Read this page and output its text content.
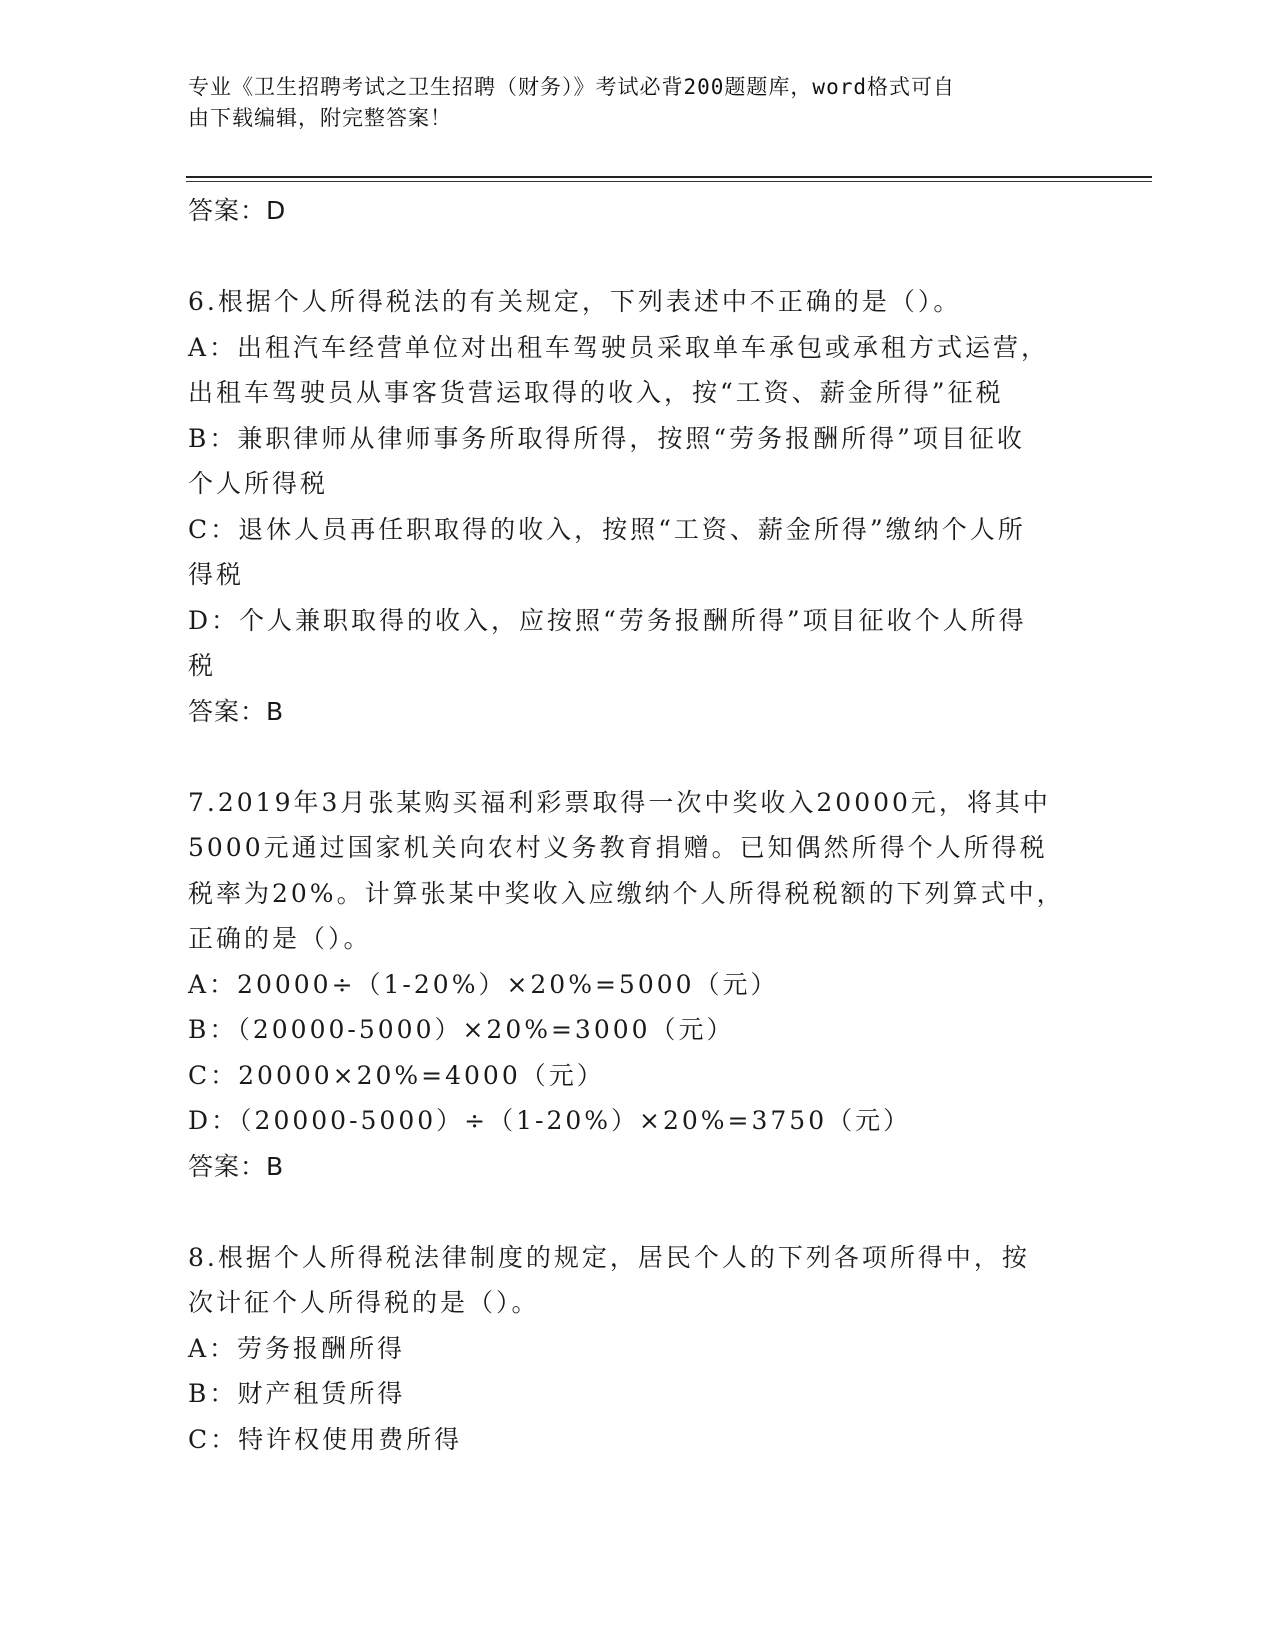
专业《卫生招聘考试之卫生招聘（财务）》考试必背200题题库，word格式可自
由下载编辑，附完整答案！

答案：D

6.根据个人所得税法的有关规定，下列表述中不正确的是（）。

A：出租汽车经营单位对出租车驾驶员采取单车承包或承租方式运营，

出租车驾驶员从事客货营运取得的收入，按“工资、薪金所得”征税

B：兼职律师从律师事务所取得所得，按照“劳务报酬所得”项目征收

个人所得税

C：退休人员再任职取得的收入，按照“工资、薪金所得”缴纳个人所

得税

D：个人兼职取得的收入，应按照“劳务报酬所得”项目征收个人所得

税

答案：B

7.2019年3月张某购买福利彩票取得一次中奖收入20000元，将其中

5000元通过国家机关向农村义务教育捐赠。已知偶然所得个人所得税

税率为20%。计算张某中奖收入应缴纳个人所得税税额的下列算式中，

正确的是（）。

A：20000÷（1-20%）×20%=5000（元）

B：（20000-5000）×20%=3000（元）

C：20000×20%=4000（元）

D：（20000-5000）÷（1-20%）×20%=3750（元）

答案：B

8.根据个人所得税法律制度的规定，居民个人的下列各项所得中，按

次计征个人所得税的是（）。

A：劳务报酬所得

B：财产租赁所得

C：特许权使用费所得
